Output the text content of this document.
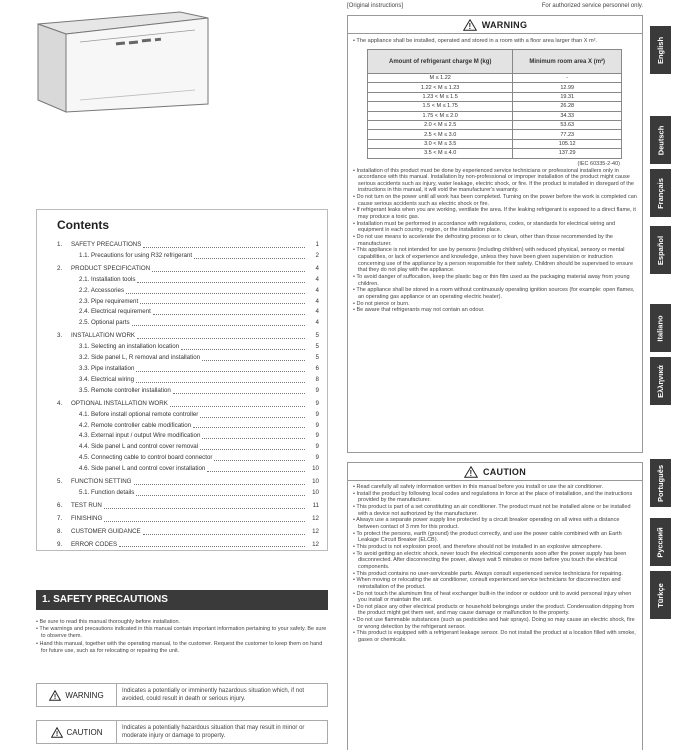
Contents
1.	SAFETY PRECAUTIONS	1
1.1. Precautions for using R32 refrigerant	2
2.	PRODUCT SPECIFICATION	4
2.1. Installation tools	4
2.2. Accessories	4
2.3. Pipe requirement	4
2.4. Electrical requirement	4
2.5. Optional parts	4
3.	INSTALLATION WORK	5
3.1. Selecting an installation location	5
3.2. Side panel L, R removal and installation	5
3.3. Pipe installation	6
3.4. Electrical wiring	8
3.5. Remote controller installation	9
4.	OPTIONAL INSTALLATION WORK	9
4.1. Before install optional remote controller	9
4.2. Remote controller cable modification	9
4.3. External input / output Wire modification	9
4.4. Side panel L and control cover removal	9
4.5. Connecting cable to control board connector	9
4.6. Side panel L and control cover installation	10
5.	FUNCTION SETTING	10
5.1. Function details	10
6.	TEST RUN	11
7.	FINISHING	12
8.	CUSTOMER GUIDANCE	12
9.	ERROR CODES	12
1. SAFETY PRECAUTIONS
• Be sure to read this manual thoroughly before installation.
• The warnings and precautions indicated in this manual contain important information pertaining to your safety. Be sure to observe them.
• Hand this manual, together with the operating manual, to the customer. Request the customer to keep them on hand for future use, such as for relocating or repairing the unit.
! WARNING	Indicates a potentially or imminently hazardous situation which, if not avoided, could result in death or serious injury.
! CAUTION	Indicates a potentially hazardous situation that may result in minor or moderate injury or damage to property.
[Original instructions]	For authorized service personnel only.
! WARNING
• The appliance shall be installed, operated and stored in a room with a floor area larger than X m².
Amount of refrigerant charge M (kg)	Minimum room area X (m²)
M ≤ 1.22	-
1.22 < M ≤ 1.23	12.99
1.23 < M ≤ 1.5	19.31
1.5 < M ≤ 1.75	26.28
1.75 < M ≤ 2.0	34.33
2.0 < M ≤ 2.5	53.63
2.5 < M ≤ 3.0	77.23
3.0 < M ≤ 3.5	105.12
3.5 < M ≤ 4.0	137.29
(IEC 60335-2-40)
• Installation of this product must be done by experienced service technicians or professional installers only in accordance with this manual. Installation by non-professional or improper installation of the product might cause serious accidents such as injury, water leakage, electric shock, or fire. If the product is installed in disregard of the instructions in this manual, it will void the manufacturer's warranty.
• Do not turn on the power until all work has been completed. Turning on the power before the work is completed can cause serious accidents such as electric shock or fire.
• If refrigerant leaks when you are working, ventilate the area. If the leaking refrigerant is exposed to a direct flame, it may produce a toxic gas.
• Installation must be performed in accordance with regulations, codes, or standards for electrical wiring and equipment in each country, region, or the installation place.
• Do not use means to accelerate the defrosting process or to clean, other than those recommended by the manufacturer.
• This appliance is not intended for use by persons (including children) with reduced physical, sensory or mental capabilities, or lack of experience and knowledge, unless they have been given supervision or instruction concerning use of the appliance by a person responsible for their safety. Children should be supervised to ensure that they do not play with the appliance.
• To avoid danger of suffocation, keep the plastic bag or thin film used as the packaging material away from young children.
• The appliance shall be stored in a room without continuously operating ignition sources (for example: open flames, an operating gas appliance or an operating electric heater).
• Do not pierce or burn.
• Be aware that refrigerants may not contain an odour.
! CAUTION
• Read carefully all safety information written in this manual before you install or use the air conditioner.
• Install the product by following local codes and regulations in force at the place of installation, and the instructions provided by the manufacturer.
• This product is part of a set constituting an air conditioner. The product must not be installed alone or be installed with a device not authorized by the manufacturer.
• Always use a separate power supply line protected by a circuit breaker operating on all wires with a distance between contact of 3 mm for this product.
• To protect the persons, earth (ground) the product correctly, and use the power cable combined with an Earth Leakage Circuit Breaker (ELCB).
• This product is not explosion proof, and therefore should not be installed in an explosive atmosphere.
• To avoid getting an electric shock, never touch the electrical components soon after the power supply has been disconnected. After disconnecting the power, always wait 5 minutes or more before you touch the electrical components.
• This product contains no user-serviceable parts. Always consult experienced service technicians for repairing.
• When moving or relocating the air conditioner, consult experienced service technicians for disconnection and reinstallation of the product.
• Do not touch the aluminum fins of heat exchanger built-in the indoor or outdoor unit to avoid personal injury when you install or maintain the unit.
• Do not place any other electrical products or household belongings under the product. Condensation dripping from the product might get them wet, and may cause damage or malfunction to the property.
• Do not use flammable substances (such as pesticides and hair sprays). Doing so may cause an electric shock, fire or wrong detection by the refrigerant sensor.
• This product is equipped with a refrigerant leakage sensor. Do not install the product at a location filled with smoke, gases or chemicals.
English
Deutsch
Français
Español
Italiano
Ελληνικά
Português
Русский
Türkçe
